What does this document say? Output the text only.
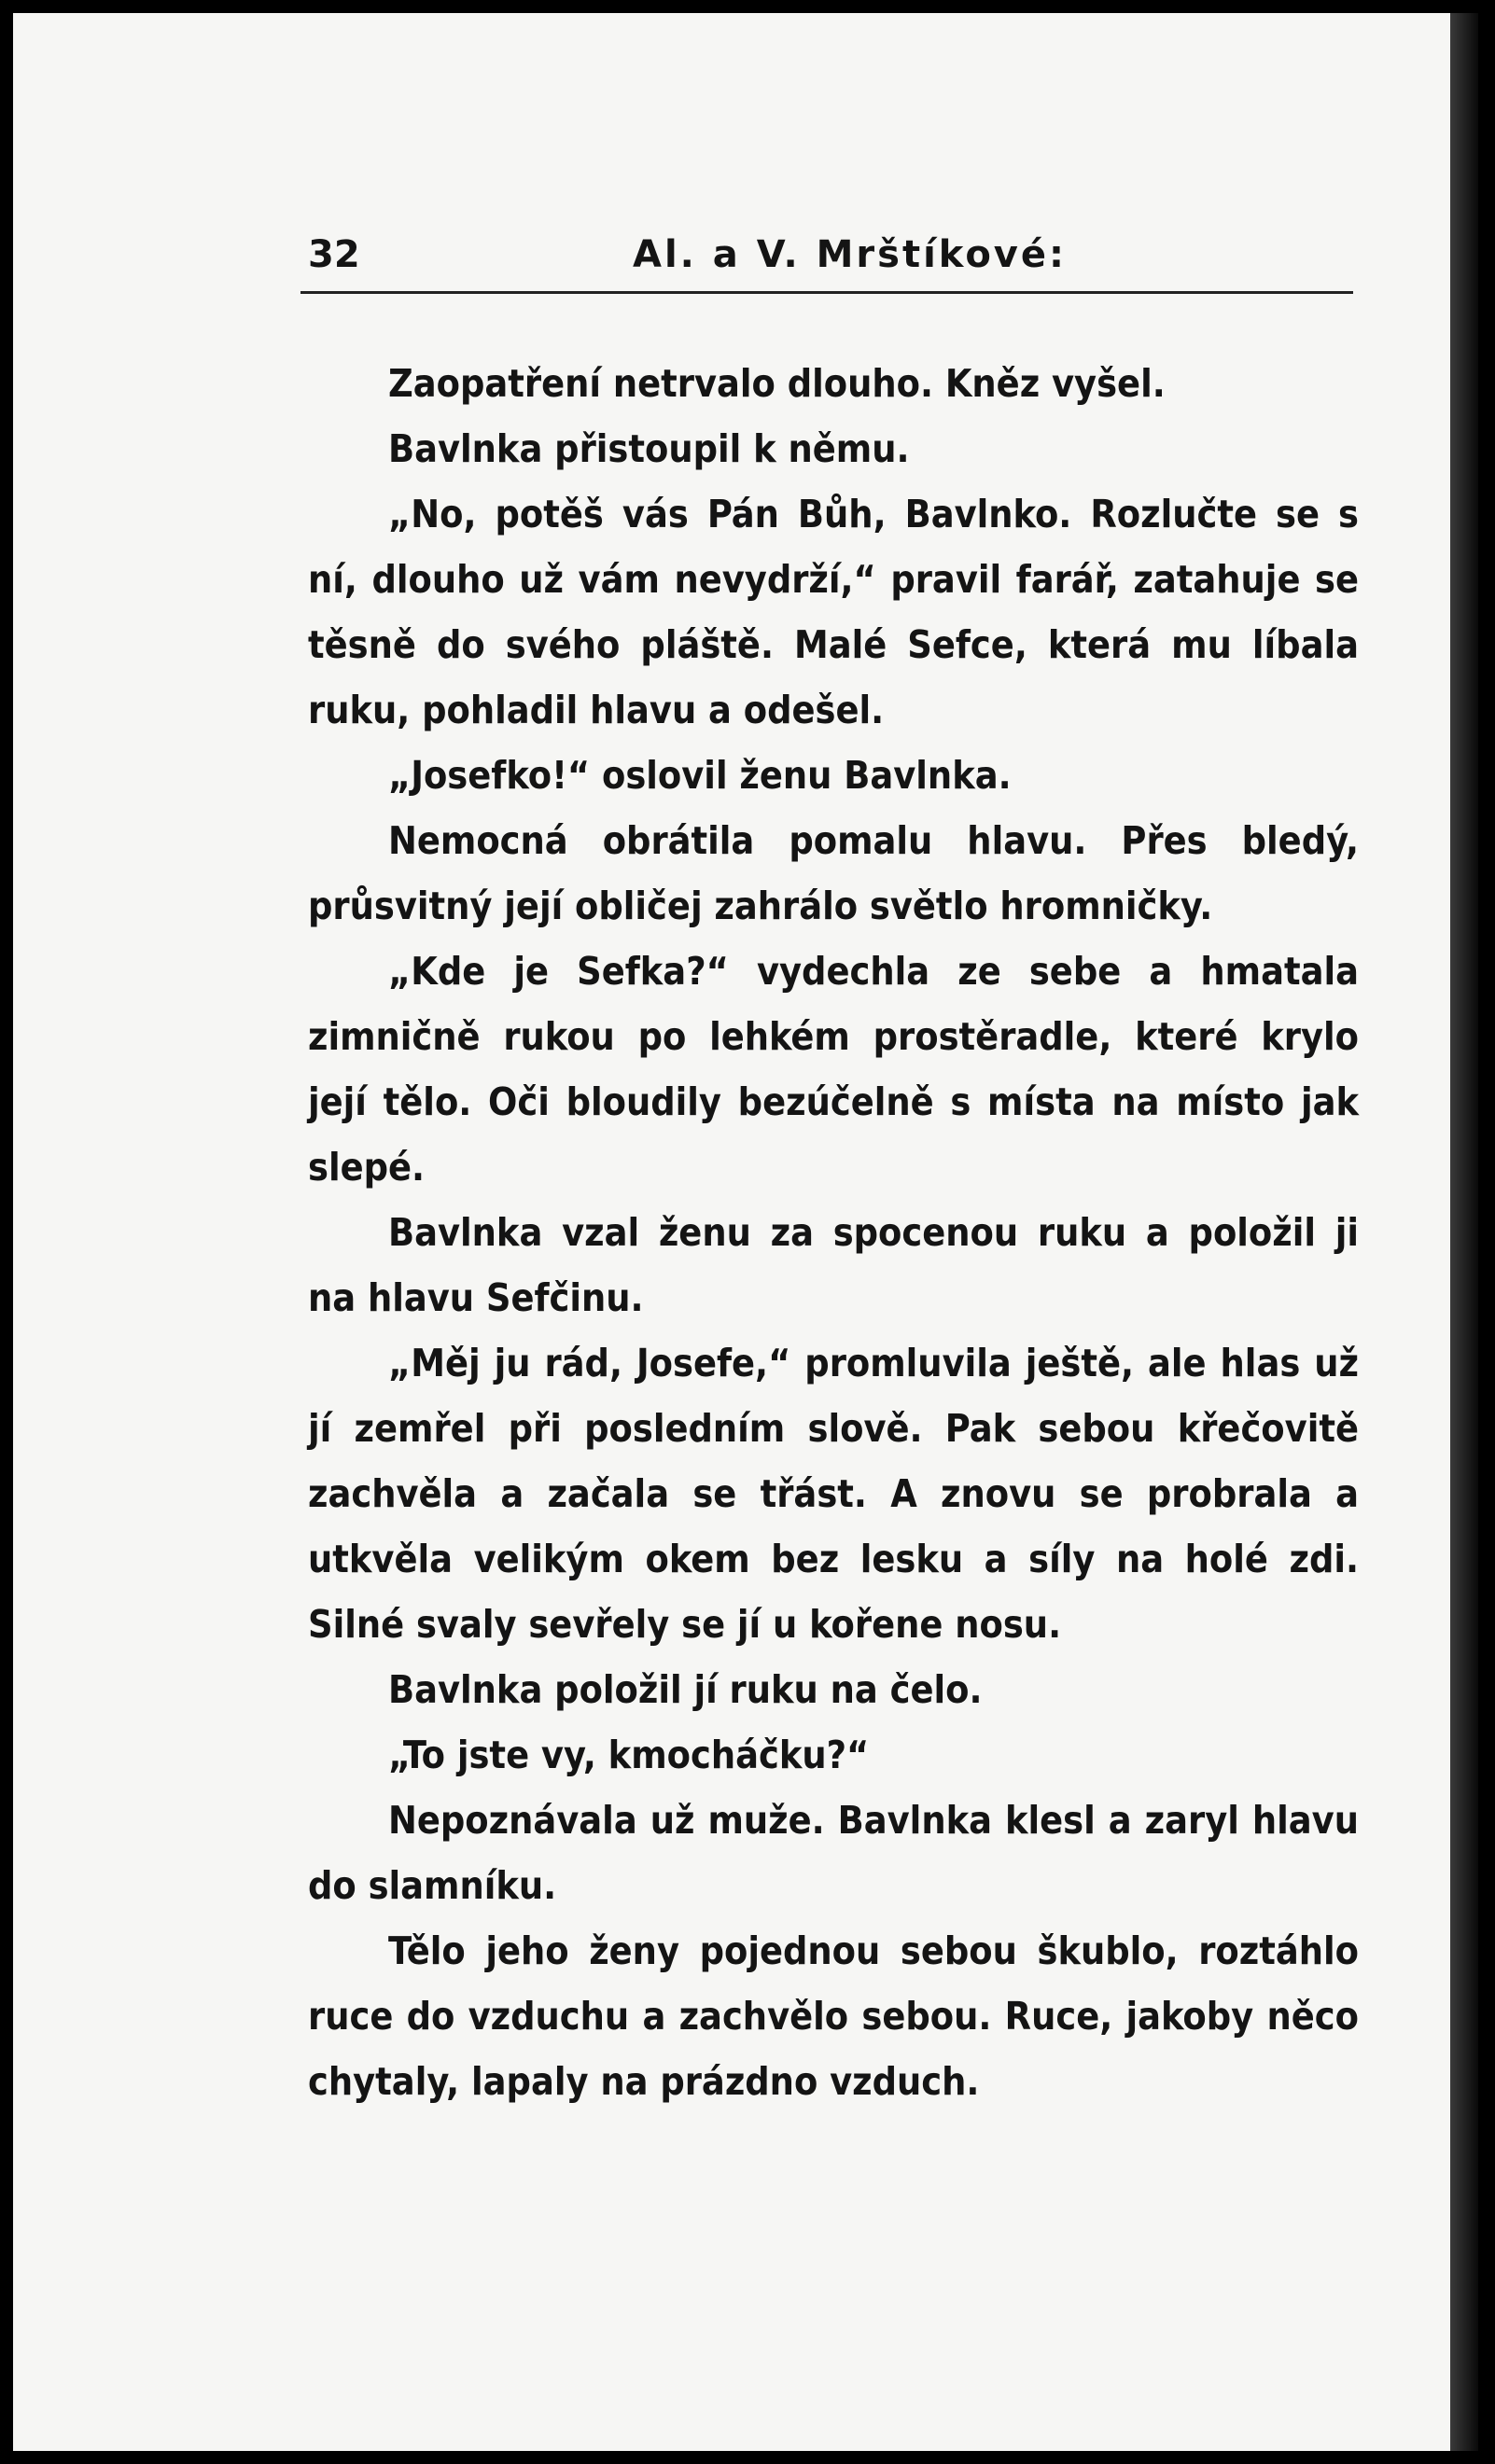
32	Al. a V. Mrštíkové:

Zaopatření netrvalo dlouho. Kněz vyšel.

Bavlnka přistoupil k němu.

„No, potěš vás Pán Bůh, Bavlnko. Rozlučte se s ní, dlouho už vám nevydrží,“ pravil farář, zatahuje se těsně do svého pláště. Malé Sefce, která mu líbala ruku, pohladil hlavu a odešel.

„Josefko!“ oslovil ženu Bavlnka.

Nemocná obrátila pomalu hlavu. Přes bledý, průsvitný její obličej zahrálo světlo hromničky.

„Kde je Sefka?“ vydechla ze sebe a hmatala zimničně rukou po lehkém prostěradle, které krylo její tělo. Oči bloudily bezúčelně s místa na místo jak slepé.

Bavlnka vzal ženu za spocenou ruku a položil ji na hlavu Sefčinu.

„Měj ju rád, Josefe,“ promluvila ještě, ale hlas už jí zemřel při posledním slově. Pak sebou křečovitě zachvěla a začala se třást. A znovu se probrala a utkvěla velikým okem bez lesku a síly na holé zdi. Silné svaly sevřely se jí u kořene nosu.

Bavlnka položil jí ruku na čelo.

„To jste vy, kmocháčku?“

Nepoznávala už muže. Bavlnka klesl a zaryl hlavu do slamníku.

Tělo jeho ženy pojednou sebou škublo, roztáhlo ruce do vzduchu a zachvělo sebou. Ruce, jakoby něco chytaly, lapaly na prázdno vzduch.
